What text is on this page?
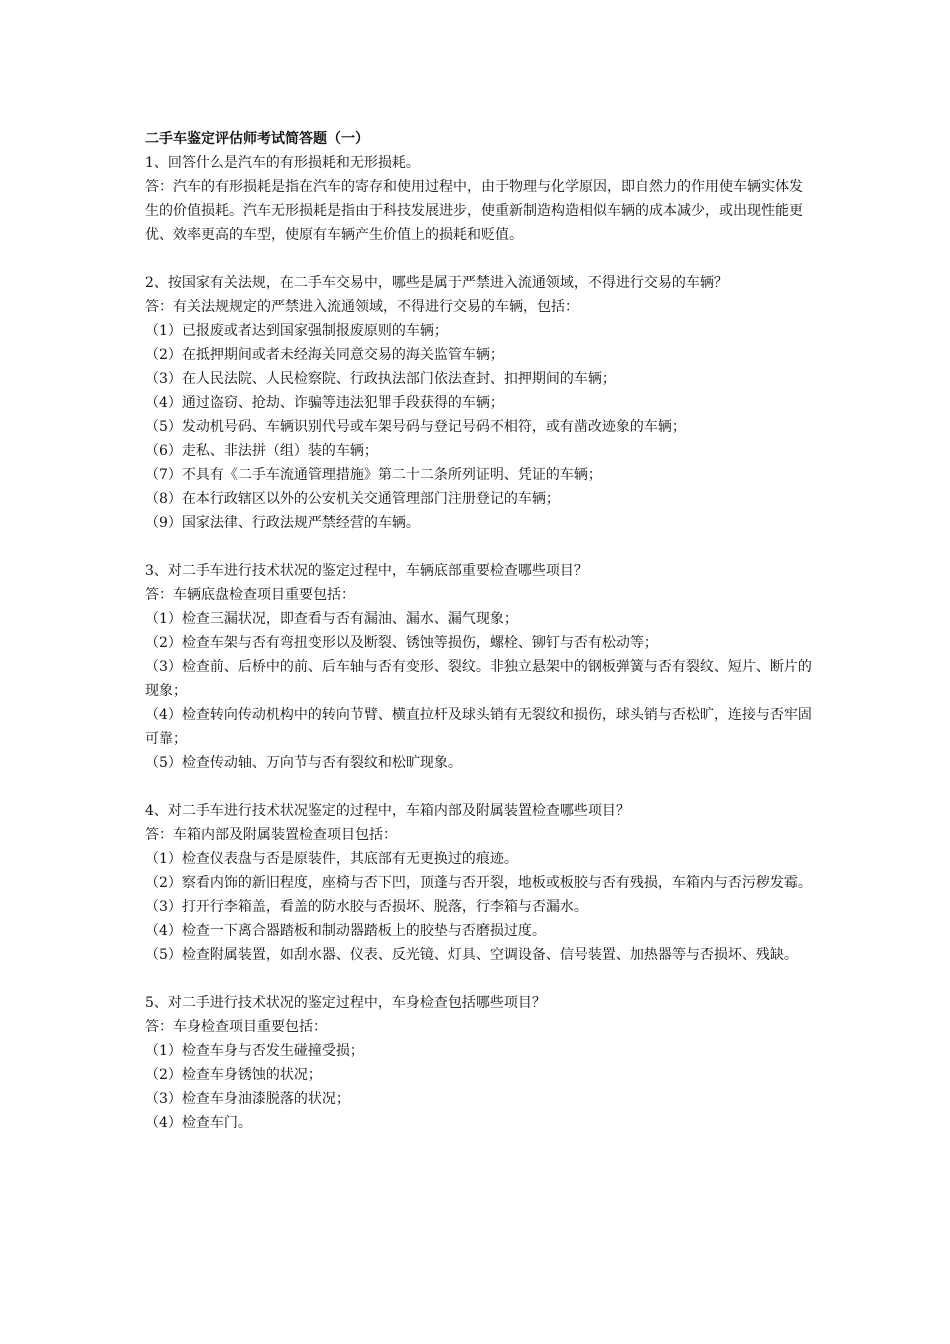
二手车鉴定评估师考试简答题（一）

1、回答什么是汽车的有形损耗和无形损耗。

答：汽车的有形损耗是指在汽车的寄存和使用过程中，由于物理与化学原因，即自然力的作用使车辆实体发生的价值损耗。汽车无形损耗是指由于科技发展进步，使重新制造构造相似车辆的成本减少，或出现性能更优、效率更高的车型，使原有车辆产生价值上的损耗和贬值。

2、按国家有关法规，在二手车交易中，哪些是属于严禁进入流通领域，不得进行交易的车辆？

答：有关法规规定的严禁进入流通领域，不得进行交易的车辆，包括：

（1）已报废或者达到国家强制报废原则的车辆；

（2）在抵押期间或者未经海关同意交易的海关监管车辆；

（3）在人民法院、人民检察院、行政执法部门依法查封、扣押期间的车辆；

（4）通过盗窃、抢劫、诈骗等违法犯罪手段获得的车辆；

（5）发动机号码、车辆识别代号或车架号码与登记号码不相符，或有凿改迹象的车辆；

（6）走私、非法拼（组）装的车辆；

（7）不具有《二手车流通管理措施》第二十二条所列证明、凭证的车辆；

（8）在本行政辖区以外的公安机关交通管理部门注册登记的车辆；

（9）国家法律、行政法规严禁经营的车辆。

3、对二手车进行技术状况的鉴定过程中，车辆底部重要检查哪些项目？

答：车辆底盘检查项目重要包括：

（1）检查三漏状况，即查看与否有漏油、漏水、漏气现象；

（2）检查车架与否有弯扭变形以及断裂、锈蚀等损伤，螺栓、铆钉与否有松动等；

（3）检查前、后桥中的前、后车轴与否有变形、裂纹。非独立悬架中的钢板弹簧与否有裂纹、短片、断片的现象；

（4）检查转向传动机构中的转向节臂、横直拉杆及球头销有无裂纹和损伤，球头销与否松旷，连接与否牢固可靠；

（5）检查传动轴、万向节与否有裂纹和松旷现象。

4、对二手车进行技术状况鉴定的过程中，车箱内部及附属装置检查哪些项目？

答：车箱内部及附属装置检查项目包括：

（1）检查仪表盘与否是原装件，其底部有无更换过的痕迹。

（2）察看内饰的新旧程度，座椅与否下凹，顶蓬与否开裂，地板或板胶与否有残损，车箱内与否污秽发霉。

（3）打开行李箱盖，看盖的防水胶与否损坏、脱落，行李箱与否漏水。

（4）检查一下离合器踏板和制动器踏板上的胶垫与否磨损过度。

（5）检查附属装置，如刮水器、仪表、反光镜、灯具、空调设备、信号装置、加热器等与否损坏、残缺。

5、对二手进行技术状况的鉴定过程中，车身检查包括哪些项目？

答：车身检查项目重要包括：

（1）检查车身与否发生碰撞受损；

（2）检查车身锈蚀的状况；

（3）检查车身油漆脱落的状况；

（4）检查车门。
